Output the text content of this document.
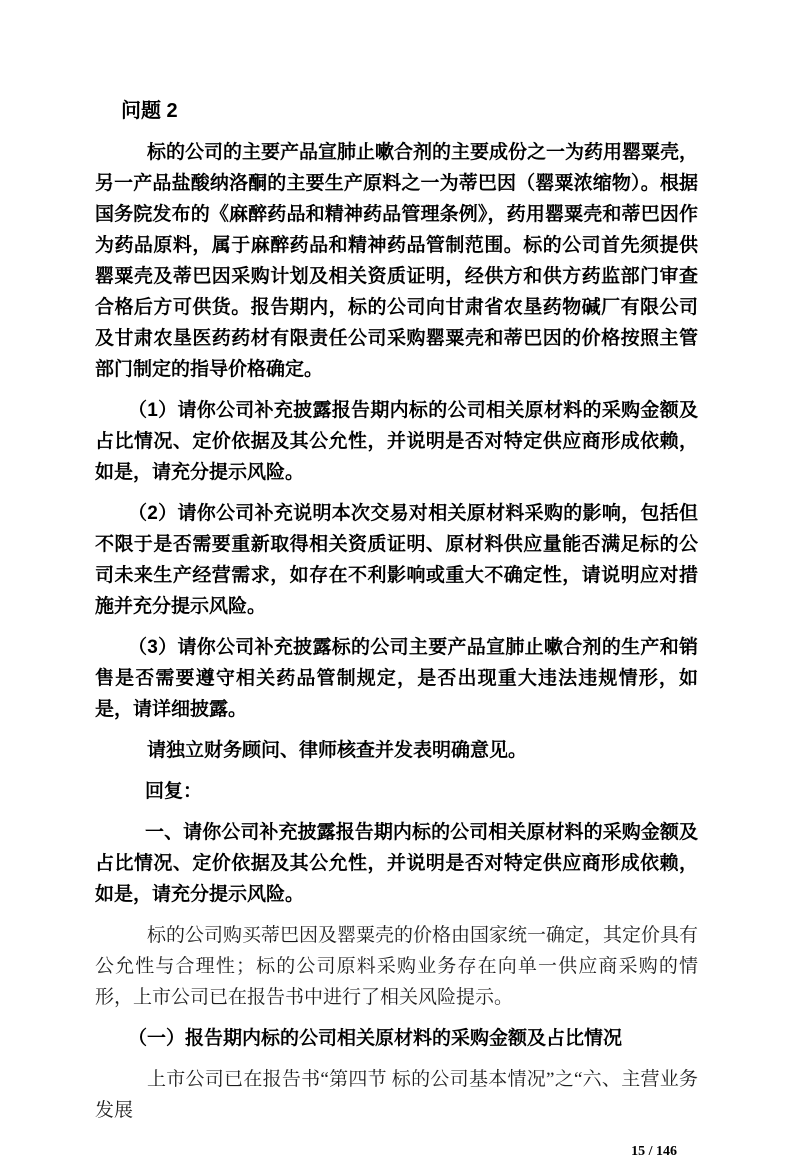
问题 2

标的公司的主要产品宣肺止嗽合剂的主要成份之一为药用罂粟壳，另一产品盐酸纳洛酮的主要生产原料之一为蒂巴因（罂粟浓缩物）。根据国务院发布的《麻醉药品和精神药品管理条例》，药用罂粟壳和蒂巴因作为药品原料，属于麻醉药品和精神药品管制范围。标的公司首先须提供罂粟壳及蒂巴因采购计划及相关资质证明，经供方和供方药监部门审查合格后方可供货。报告期内，标的公司向甘肃省农垦药物碱厂有限公司及甘肃农垦医药药材有限责任公司采购罂粟壳和蒂巴因的价格按照主管部门制定的指导价格确定。

（1）请你公司补充披露报告期内标的公司相关原材料的采购金额及占比情况、定价依据及其公允性，并说明是否对特定供应商形成依赖，如是，请充分提示风险。

（2）请你公司补充说明本次交易对相关原材料采购的影响，包括但不限于是否需要重新取得相关资质证明、原材料供应量能否满足标的公司未来生产经营需求，如存在不利影响或重大不确定性，请说明应对措施并充分提示风险。

（3）请你公司补充披露标的公司主要产品宣肺止嗽合剂的生产和销售是否需要遵守相关药品管制规定，是否出现重大违法违规情形，如是，请详细披露。

请独立财务顾问、律师核查并发表明确意见。

回复：

一、请你公司补充披露报告期内标的公司相关原材料的采购金额及占比情况、定价依据及其公允性，并说明是否对特定供应商形成依赖，如是，请充分提示风险。

标的公司购买蒂巴因及罂粟壳的价格由国家统一确定，其定价具有公允性与合理性；标的公司原料采购业务存在向单一供应商采购的情形，上市公司已在报告书中进行了相关风险提示。

（一）报告期内标的公司相关原材料的采购金额及占比情况

上市公司已在报告书“第四节 标的公司基本情况”之“六、主营业务发展

15 / 146
